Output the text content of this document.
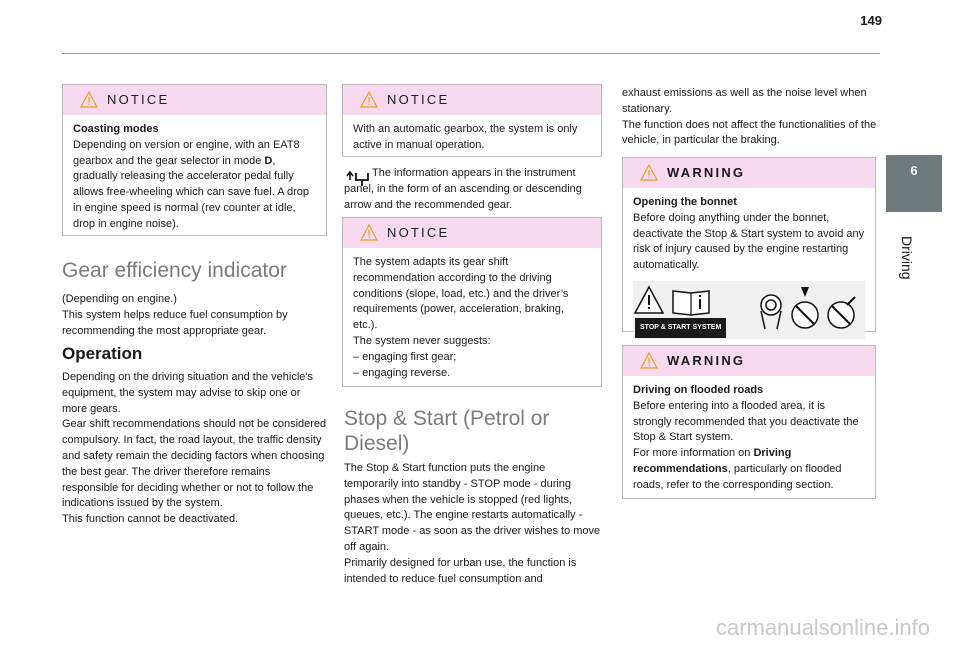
149
6
Driving
NOTICE

Coasting modes

Depending on version or engine, with an EAT8 gearbox and the gear selector in mode D, gradually releasing the accelerator pedal fully allows free-wheeling which can save fuel. A drop in engine speed is normal (rev counter at idle, drop in engine noise).

Gear efficiency indicator

(Depending on engine.)

This system helps reduce fuel consumption by recommending the most appropriate gear.

Operation

Depending on the driving situation and the vehicle's equipment, the system may advise to skip one or more gears.

Gear shift recommendations should not be considered compulsory. In fact, the road layout, the traffic density and safety remain the deciding factors when choosing the best gear. The driver therefore remains responsible for deciding whether or not to follow the indications issued by the system.

This function cannot be deactivated.

NOTICE

With an automatic gearbox, the system is only active in manual operation.

The information appears in the instrument panel, in the form of an ascending or descending arrow and the recommended gear.
NOTICE

The system adapts its gear shift recommendation according to the driving conditions (slope, load, etc.) and the driver’s requirements (power, acceleration, braking, etc.).

The system never suggests:

– engaging first gear;

– engaging reverse.

Stop & Start (Petrol or Diesel)

The Stop & Start function puts the engine temporarily into standby - STOP mode - during phases when the vehicle is stopped (red lights, queues, etc.). The engine restarts automatically - START mode - as soon as the driver wishes to move off again.

Primarily designed for urban use, the function is intended to reduce fuel consumption and

exhaust emissions as well as the noise level when stationary.

The function does not affect the functionalities of the vehicle, in particular the braking.

WARNING

Opening the bonnet

Before doing anything under the bonnet, deactivate the Stop & Start system to avoid any risk of injury caused by the engine restarting automatically.

STOP & START SYSTEM
WARNING

Driving on flooded roads

Before entering into a flooded area, it is strongly recommended that you deactivate the Stop & Start system.

For more information on Driving recommendations, particularly on flooded roads, refer to the corresponding section.

carmanualsonline.info
